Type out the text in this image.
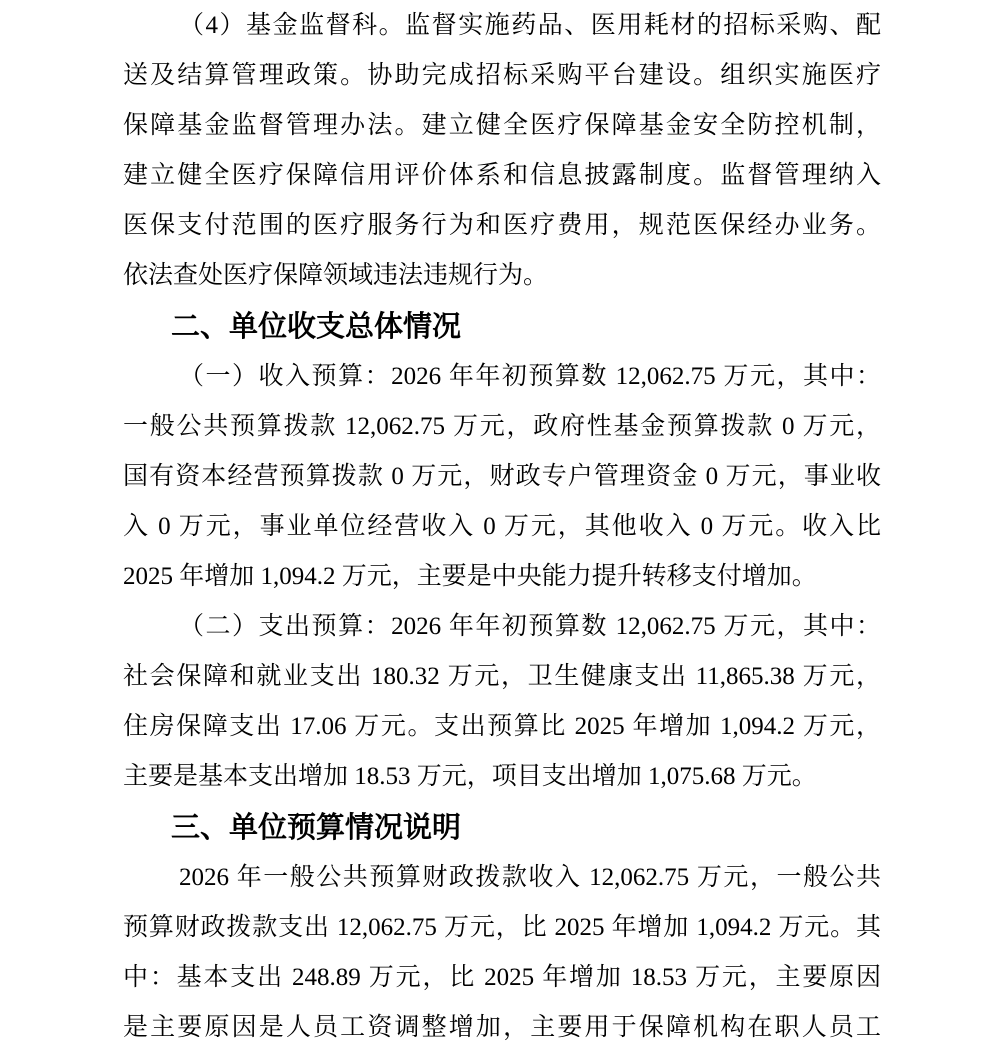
（4）基金监督科。监督实施药品、医用耗材的招标采购、配
送及结算管理政策。协助完成招标采购平台建设。组织实施医疗
保障基金监督管理办法。建立健全医疗保障基金安全防控机制，
建立健全医疗保障信用评价体系和信息披露制度。监督管理纳入
医保支付范围的医疗服务行为和医疗费用，规范医保经办业务。
依法查处医疗保障领域违法违规行为。
二、单位收支总体情况
（一）收入预算：2026 年年初预算数 12,062.75 万元，其中：
一般公共预算拨款 12,062.75 万元，政府性基金预算拨款 0 万元，
国有资本经营预算拨款 0 万元，财政专户管理资金 0 万元，事业收
入 0 万元，事业单位经营收入 0 万元，其他收入 0 万元。收入比
2025 年增加 1,094.2 万元，主要是中央能力提升转移支付增加。
（二）支出预算：2026 年年初预算数 12,062.75 万元，其中：
社会保障和就业支出 180.32 万元，卫生健康支出 11,865.38 万元，
住房保障支出 17.06 万元。支出预算比 2025 年增加 1,094.2 万元，
主要是基本支出增加 18.53 万元，项目支出增加 1,075.68 万元。
三、单位预算情况说明
2026 年一般公共预算财政拨款收入 12,062.75 万元，一般公共
预算财政拨款支出 12,062.75 万元，比 2025 年增加 1,094.2 万元。其
中：基本支出 248.89 万元，比 2025 年增加 18.53 万元，主要原因
是主要原因是人员工资调整增加，主要用于保障机构在职人员工
